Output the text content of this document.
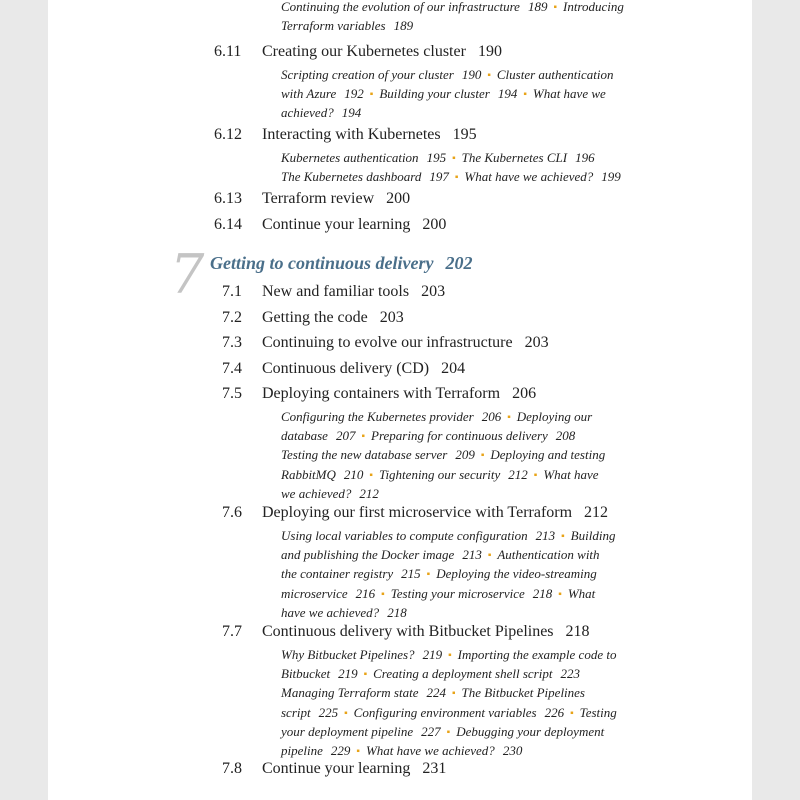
Continuing the evolution of our infrastructure 189 ▪ Introducing
Terraform variables 189
6.11 Creating our Kubernetes cluster 190
Scripting creation of your cluster 190 ▪ Cluster authentication
with Azure 192 ▪ Building your cluster 194 ▪ What have we
achieved? 194
6.12 Interacting with Kubernetes 195
Kubernetes authentication 195 ▪ The Kubernetes CLI 196
The Kubernetes dashboard 197 ▪ What have we achieved? 199
6.13 Terraform review 200
6.14 Continue your learning 200
7 Getting to continuous delivery 202
7.1 New and familiar tools 203
7.2 Getting the code 203
7.3 Continuing to evolve our infrastructure 203
7.4 Continuous delivery (CD) 204
7.5 Deploying containers with Terraform 206
Configuring the Kubernetes provider 206 ▪ Deploying our
database 207 ▪ Preparing for continuous delivery 208
Testing the new database server 209 ▪ Deploying and testing
RabbitMQ 210 ▪ Tightening our security 212 ▪ What have
we achieved? 212
7.6 Deploying our first microservice with Terraform 212
Using local variables to compute configuration 213 ▪ Building
and publishing the Docker image 213 ▪ Authentication with
the container registry 215 ▪ Deploying the video-streaming
microservice 216 ▪ Testing your microservice 218 ▪ What
have we achieved? 218
7.7 Continuous delivery with Bitbucket Pipelines 218
Why Bitbucket Pipelines? 219 ▪ Importing the example code to
Bitbucket 219 ▪ Creating a deployment shell script 223
Managing Terraform state 224 ▪ The Bitbucket Pipelines
script 225 ▪ Configuring environment variables 226 ▪ Testing
your deployment pipeline 227 ▪ Debugging your deployment
pipeline 229 ▪ What have we achieved? 230
7.8 Continue your learning 231
